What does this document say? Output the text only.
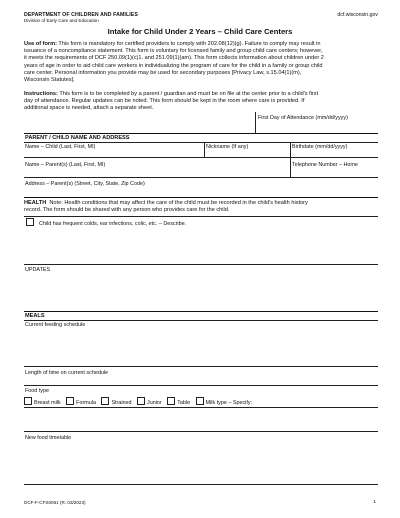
DEPARTMENT OF CHILDREN AND FAMILIES
Division of Early Care and Education
dcf.wisconsin.gov
Intake for Child Under 2 Years – Child Care Centers
Use of form: This form is mandatory for certified providers to comply with 202.08(12)(g). Failure to comply may result in
issuance of a noncompliance statement. This form is voluntary for licensed family and group child care centers; however,
it meets the requirements of DCF 250.09(1)(c)1. and 251.09(1)(am). This form collects information about children under 2
years of age in order to aid child care workers in individualizing the program of care for the child in a family or group child
care center. Personal information you provide may be used for secondary purposes [Privacy Law, s.15.04(1)(m),
Wisconsin Statutes].
Instructions: This form is to be completed by a parent / guardian and must be on file at the center prior to a child's first
day of attendance. Regular updates can be noted. This form should be kept in the room where care is provided. If
additional space is needed, attach a separate sheet.
First Day of Attendance (mm/dd/yyyy)
PARENT / CHILD NAME AND ADDRESS
Name – Child (Last, First, MI)	Nickname (If any)	Birthdate (mm/dd/yyyy)
Name – Parent(s) (Last, First, MI)	Telephone Number – Home
Address – Parent(s) (Street, City, State, Zip Code)
HEALTH Note: Health conditions that may affect the care of the child must be recorded in the child's health history
record. The form should be shared with any person who provides care for the child.
Child has frequent colds, ear infections, colic, etc. – Describe.
UPDATES
MEALS
Current feeding schedule
Length of time on current schedule
Food type
Breast milk	Formula	Strained	Junior	Table	Milk type – Specify:
New food timetable
DCF-F-CFS0061 (R. 03/2023)	1
